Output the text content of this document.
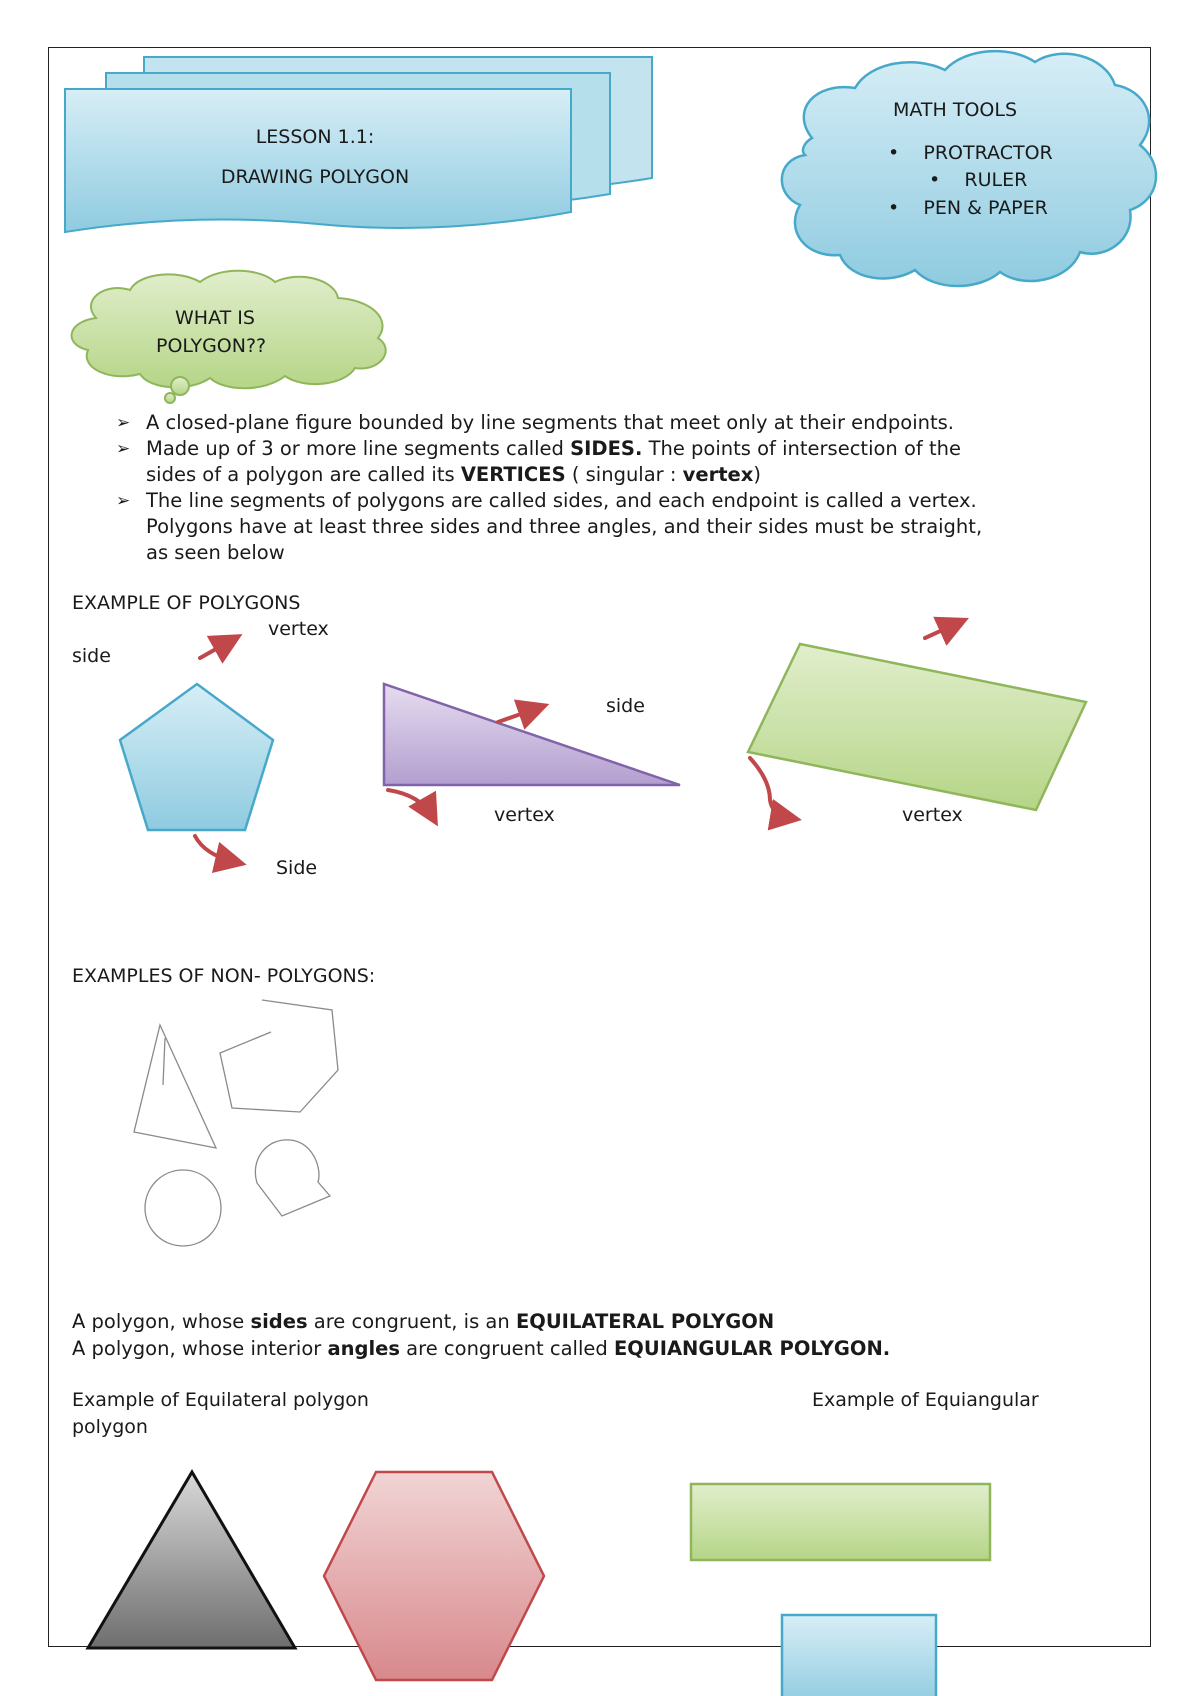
LESSON 1.1:
DRAWING POLYGON
MATH TOOLS
•    PROTRACTOR
•    RULER
•    PEN & PAPER
WHAT IS
POLYGON??
➢ A closed-plane figure bounded by line segments that meet only at their endpoints.
➢ Made up of 3 or more line segments called SIDES. The points of intersection of the
sides of a polygon are called its VERTICES ( singular : vertex)
➢ The line segments of polygons are called sides, and each endpoint is called a vertex.
Polygons have at least three sides and three angles, and their sides must be straight,
as seen below
EXAMPLE OF POLYGONS
vertex
side
Side
side
vertex	vertex
EXAMPLES OF NON- POLYGONS:
A polygon, whose sides are congruent, is an EQUILATERAL POLYGON
A polygon, whose interior angles are congruent called EQUIANGULAR POLYGON.
Example of Equilateral polygon
polygon
Example of Equiangular
